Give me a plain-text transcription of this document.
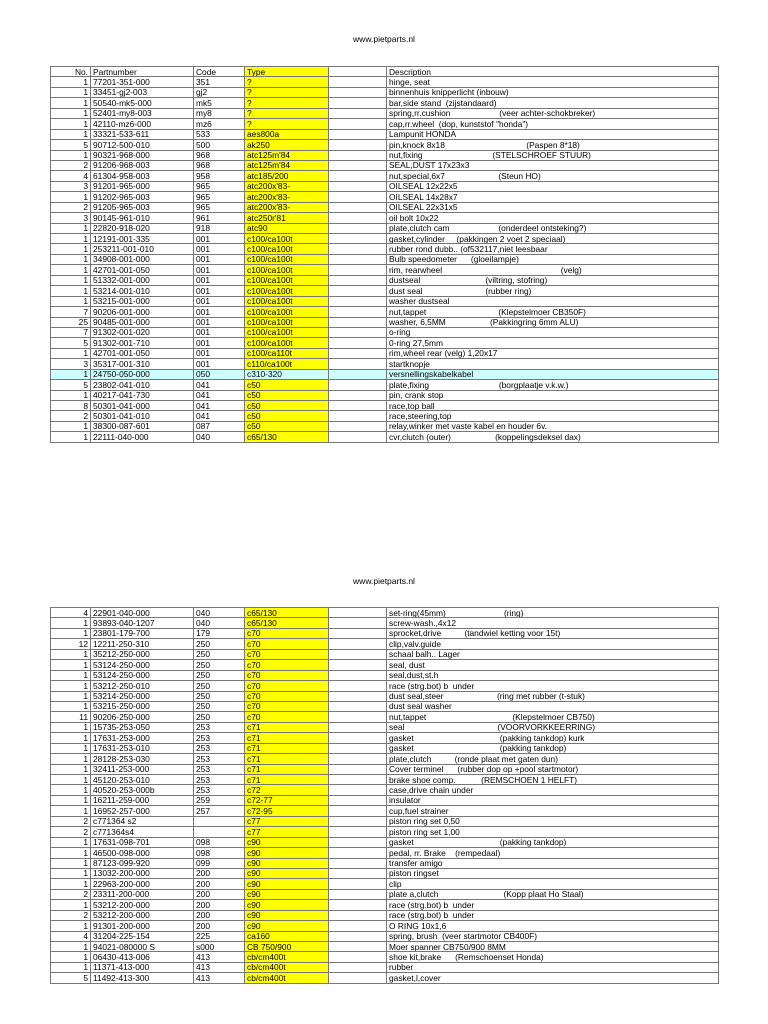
www.pietparts.nl
No.	Partnumber	Code	Type		Description
1	77201-351-000	351	?		hinge, seat
1	33451-gj2-003	gj2	?		binnenhuis knipperlicht (inbouw)
1	50540-mk5-000	mk5	?		bar,side stand  (zijstandaard)
1	52401-my8-003	my8	?		spring,rr.cushion                     (veer achter-schokbreker)
1	42110-mz6-000	mz6	?		cap,rr.wheel  (dop, kunststof "honda")
1	33321-533-611	533	aes800a		Lampunit HONDA
5	90712-500-010	500	ak250		pin,knock 8x18                                   (Paspen 8*18)
1	90321-968-000	968	atc125m'84		nut,fixing                              (STELSCHROEF STUUR)
2	91206-968-003	968	atc125m'84		SEAL,DUST 17x23x3
4	61304-958-003	958	atc185/200		nut,special,6x7                       (Steun HO)
3	91201-965-000	965	atc200x'83-		OILSEAL 12x22x5
1	91202-965-003	965	atc200x'83-		OILSEAL 14x28x7
2	91205-965-003	965	atc200x'83-		OILSEAL 22x31x5
3	90145-961-010	961	atc250r'81		oil bolt 10x22
1	22820-918-020	918	atc90		plate,clutch cam                     (onderdeel ontsteking?)
1	12191-001-335	001	c100/ca100t		gasket,cylinder     (pakkingen 2 voet 2 speciaal)
1	253211-001-010	001	c100/ca100t		rubber rond dubb.. (of532117,niet leesbaar
1	34908-001-000	001	c100/ca100t		Bulb speedometer      (gloeilampje)
1	42701-001-050	001	c100/ca100t		rim, rearwheel                                                   (velg)
1	51332-001-000	001	c100/ca100t		dustseal                            (viltring, stofring)
1	53214-001-010	001	c100/ca100t		dust seal                           (rubber ring)
1	53215-001-000	001	c100/ca100t		washer dustseal
7	90206-001-000	001	c100/ca100t		nut,tappet                               (Klepstelmoer CB350F)
25	90485-001-000	001	c100/ca100t		washer, 6,5MM                   (Pakkingring 6mm ALU)
7	91302-001-020	001	c100/ca100t		o-ring
5	91302-001-710	001	c100/ca100t		0-ring 27,5mm
1	42701-001-050	001	c100/ca110t		rim,wheel rear (velg) 1,20x17
3	35317-001-310	001	c110/ca100t		startknopje
1	24750-050-000	050	c310-320		versnellingskabelkabel
5	23802-041-010	041	c50		plate,fixing                              (borgplaatje v.k.w.)
1	40217-041-730	041	c50		pin, crank stop
8	50301-041-000	041	c50		race,top ball
2	50301-041-010	041	c50		race,steering,top
1	38300-087-601	087	c50		relay,winker met vaste kabel en houder 6v.
1	22111-040-000	040	c65/130		cvr,clutch (outer)                   (koppelingsdeksel dax)
www.pietparts.nl
4	22901-040-000	040	c65/130		set-ring(45mm)                         (ring)
1	93893-040-1207	040	c65/130		screw-wash.,4x12
1	23801-179-700	179	c70		sprocket,drive          (tandwiel ketting voor 15t)
12	12211-250-310	250	c70		clip,valv.guide
1	35212-250-000	250	c70		schaal balh.. Lager
1	53124-250-000	250	c70		seal, dust
1	53124-250-000	250	c70		seal,dust,st.h
1	53212-250-010	250	c70		race (strg.bot) b  under
1	53214-250-000	250	c70		dust seal,steer                       (ring met rubber (t-stuk)
1	53215-250-000	250	c70		dust seal washer
11	90206-250-000	250	c70		nut,tappet                                     (Klepstelmoer CB750)
1	15735-253-050	253	c71		seal                                        (VOORVORKKEERRING)
1	17631-253-000	253	c71		gasket                                     (pakking tankdop) kurk
1	17631-253-010	253	c71		gasket                                     (pakking tankdop)
1	28128-253-030	253	c71		plate,clutch          (ronde plaat met gaten dun)
1	32411-253-000	253	c71		Cover terminel      (rubber dop op +pool startmotor)
1	45120-253-010	253	c71		brake shoe comp.           (REMSCHOEN 1 HELFT)
1	40520-253-000b	253	c72		case,drive chain under
1	16211-259-000	259	c72-77		insulator
1	16952-257-000	257	c72-95		cup,fuel strainer
2	c771364 s2		c77		piston ring set 0,50
2	c771364s4		c77		piston ring set 1,00
1	17631-098-701	098	c90		gasket                                     (pakking tankdop)
1	46500-098-000	098	c90		pedal, rr. Brake    (rempedaal)
1	87123-099-920	099	c90		transfer amigo
1	13032-200-000	200	c90		piston ringset
1	22963-200-000	200	c90		clip
2	23311-200-000	200	c90		plate a,clutch                            (Kopp plaat Ho Staal)
1	53212-200-000	200	c90		race (strg.bot) b  under
2	53212-200-000	200	c90		race (strg.bot) b  under
1	91301-200-000	200	c90		O RING 10x1,6
4	31204-225-154	225	ca160		spring, brush  (veer startmotor CB400F)
1	94021-080000 S	s000	CB 750/900		Moer spanner CB750/900 8MM
1	06430-413-006	413	cb/cm400t		shoe kit,brake      (Remschoenset Honda)
1	11371-413-000	413	cb/cm400t		rubber
5	11492-413-300	413	cb/cm400t		gasket,l,cover
